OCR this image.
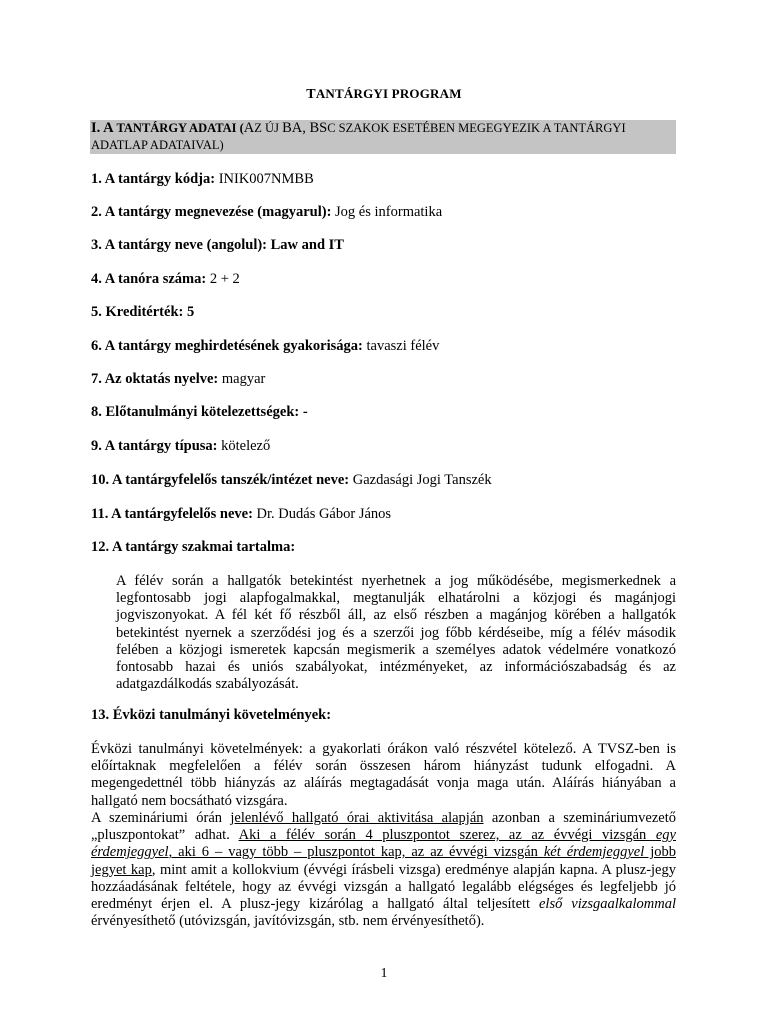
TANTÁRGYI PROGRAM
I. A TANTÁRGY ADATAI (AZ ÚJ BA, BSC SZAKOK ESETÉBEN MEGEGYEZIK A TANTÁRGYI ADATLAP ADATAIVAL)
1. A tantárgy kódja: INIK007NMBB
2. A tantárgy megnevezése (magyarul): Jog és informatika
3. A tantárgy neve (angolul): Law and IT
4. A tanóra száma: 2 + 2
5. Kreditérték: 5
6. A tantárgy meghirdetésének gyakorisága: tavaszi félév
7. Az oktatás nyelve: magyar
8. Előtanulmányi kötelezettségek: -
9. A tantárgy típusa: kötelező
10. A tantárgyfelelős tanszék/intézet neve: Gazdasági Jogi Tanszék
11. A tantárgyfelelős neve: Dr. Dudás Gábor János
12. A tantárgy szakmai tartalma:
A félév során a hallgatók betekintést nyerhetnek a jog működésébe, megismerkednek a legfontosabb jogi alapfogalmakkal, megtanulják elhatárolni a közjogi és magánjogi jogviszonyokat. A fél két fő részből áll, az első részben a magánjog körében a hallgatók betekintést nyernek a szerződési jog és a szerzői jog főbb kérdéseibe, míg a félév második felében a közjogi ismeretek kapcsán megismerik a személyes adatok védelmére vonatkozó fontosabb hazai és uniós szabályokat, intézményeket, az információszabadság és az adatgazdálkodás szabályozását.
13. Évközi tanulmányi követelmények:
Évközi tanulmányi követelmények: a gyakorlati órákon való részvétel kötelező. A TVSZ-ben is előírtaknak megfelelően a félév során összesen három hiányzást tudunk elfogadni. A megengedettnél több hiányzás az aláírás megtagadását vonja maga után. Aláírás hiányában a hallgató nem bocsátható vizsgára.
A szemináriumi órán jelenlévő hallgató órai aktivitása alapján azonban a szemináriumvezető „pluszpontokat” adhat. Aki a félév során 4 pluszpontot szerez, az az évvégi vizsgán egy érdemjeggyel, aki 6 – vagy több – pluszpontot kap, az az évvégi vizsgán két érdemjeggyel jobb jegyet kap, mint amit a kollokvium (évvégi írásbeli vizsga) eredménye alapján kapna. A plusz-jegy hozzáadásának feltétele, hogy az évvégi vizsgán a hallgató legalább elégséges és legfeljebb jó eredményt érjen el. A plusz-jegy kizárólag a hallgató által teljesített első vizsgaalkalommal érvényesíthető (utóvizsgán, javítóvizsgán, stb. nem érvényesíthető).
1
